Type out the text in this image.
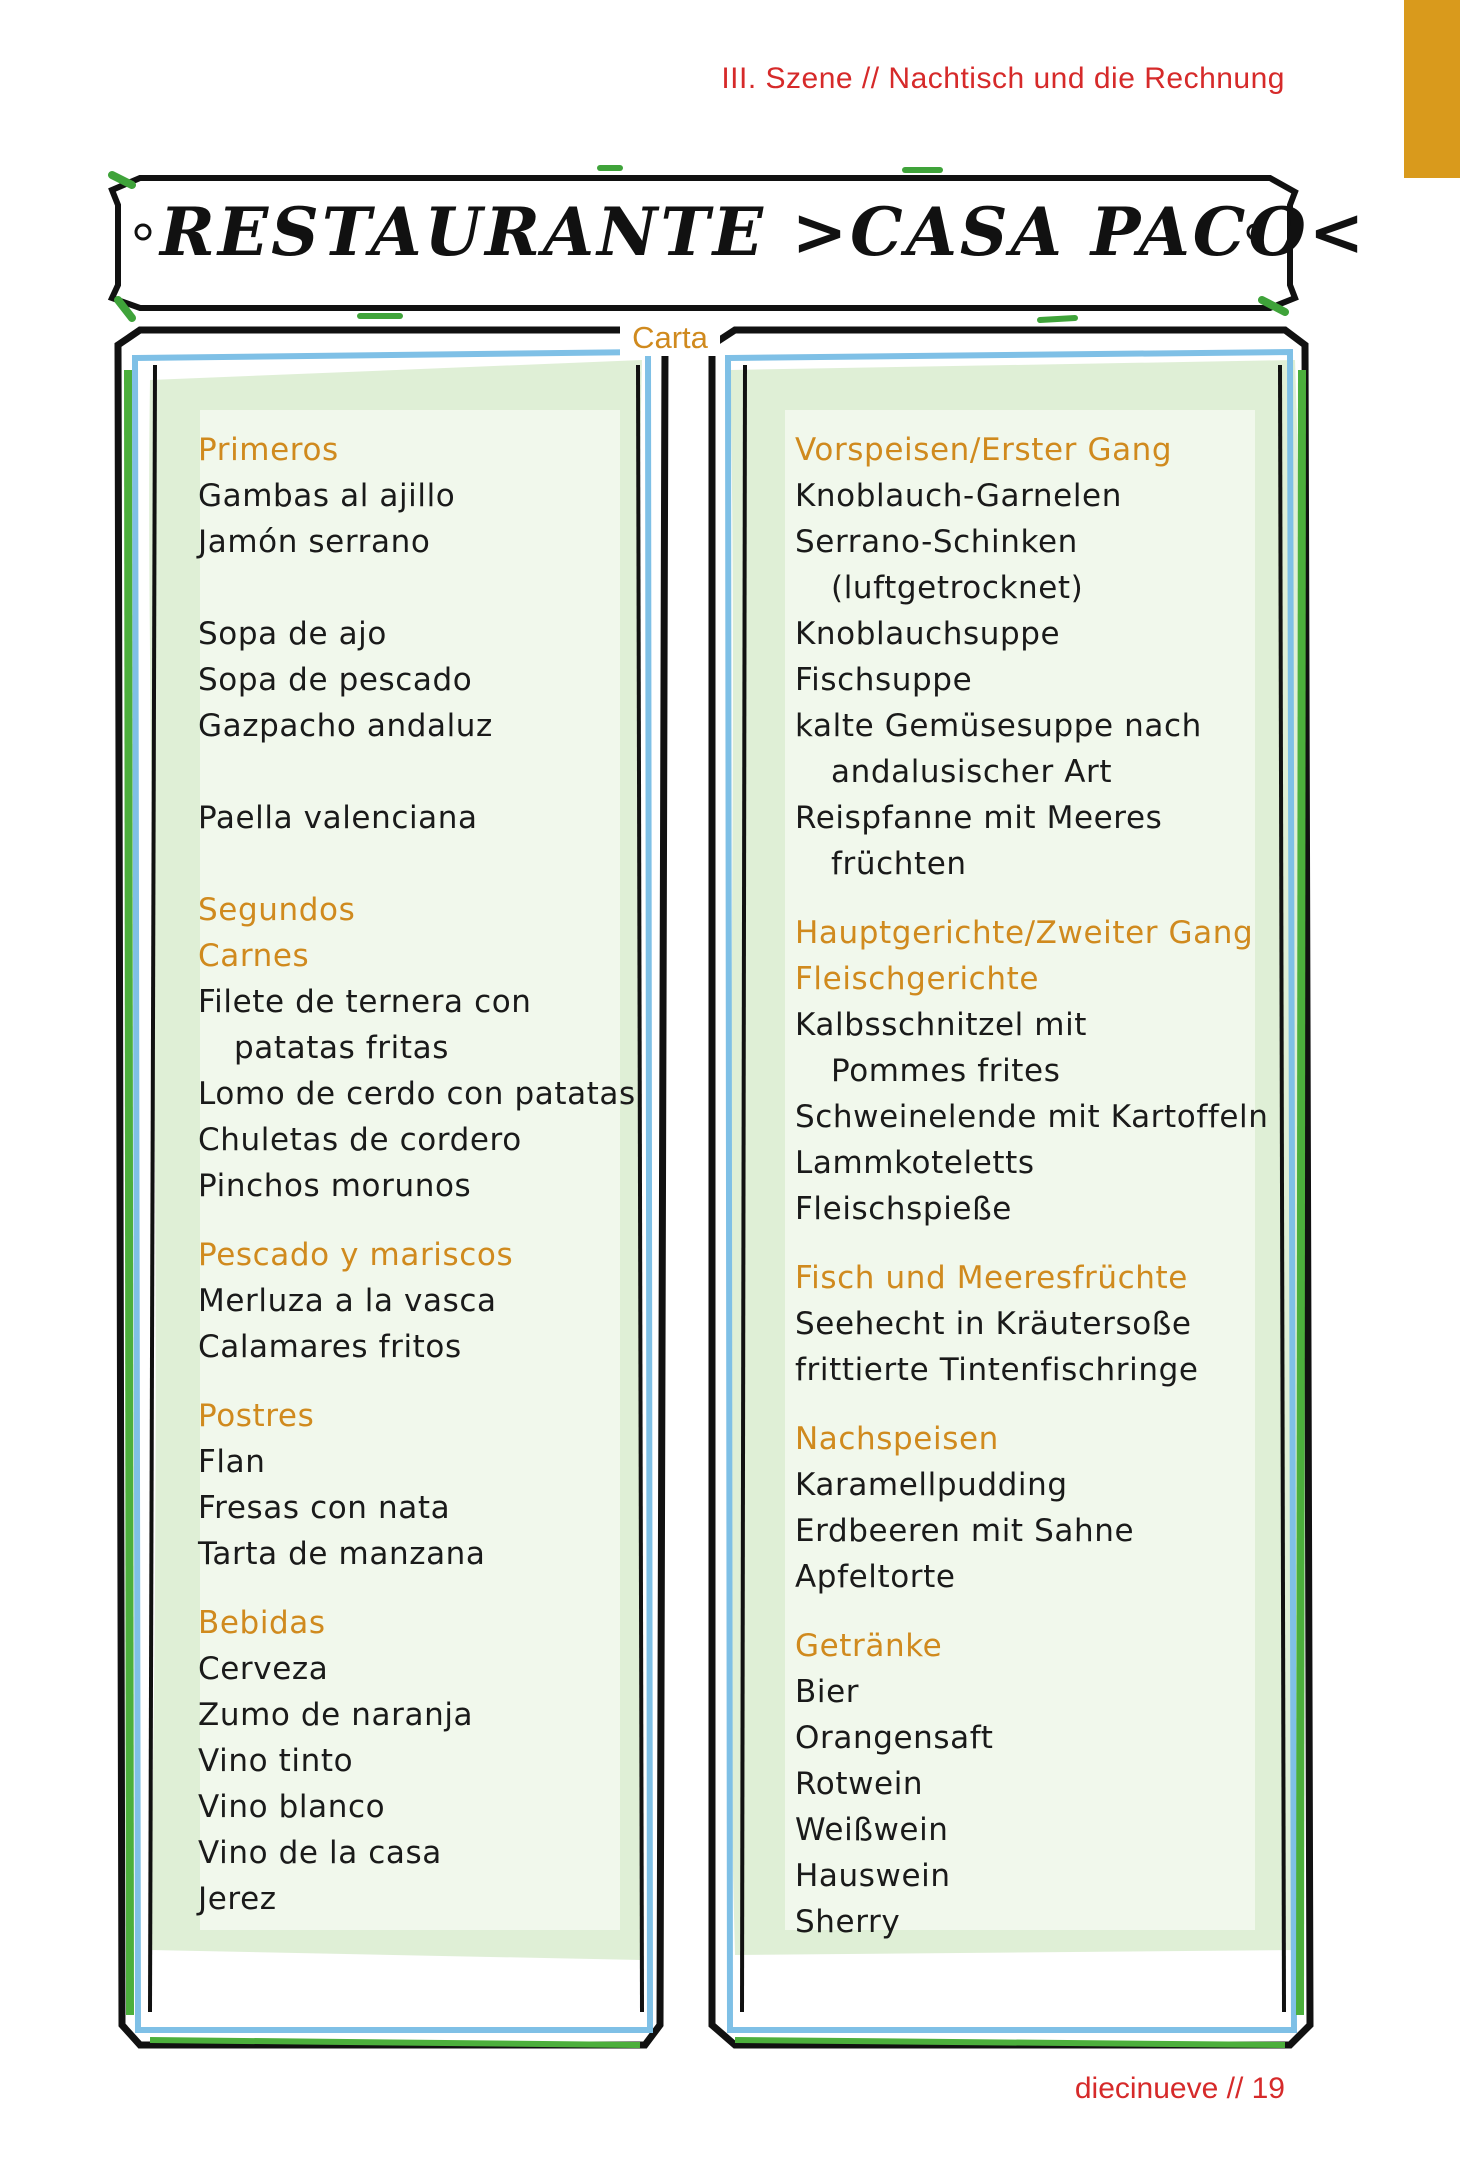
III. Szene // Nachtisch und die Rechnung
RESTAURANTE >CASA PACO<
Carta
Primeros
Gambas al ajillo
Jamón serrano
Sopa de ajo
Sopa de pescado
Gazpacho andaluz
Paella valenciana
Segundos
Carnes
Filete de ternera con
patatas fritas
Lomo de cerdo con patatas
Chuletas de cordero
Pinchos morunos
Pescado y mariscos
Merluza a la vasca
Calamares fritos
Postres
Flan
Fresas con nata
Tarta de manzana
Bebidas
Cerveza
Zumo de naranja
Vino tinto
Vino blanco
Vino de la casa
Jerez
Vorspeisen/Erster Gang
Knoblauch-Garnelen
Serrano-Schinken
(luftgetrocknet)
Knoblauchsuppe
Fischsuppe
kalte Gemüsesuppe nach
andalusischer Art
Reispfanne mit Meeres
früchten
Hauptgerichte/Zweiter Gang
Fleischgerichte
Kalbsschnitzel mit
Pommes frites
Schweinelende mit Kartoffeln
Lammkoteletts
Fleischspieße
Fisch und Meeresfrüchte
Seehecht in Kräutersoße
frittierte Tintenfischringe
Nachspeisen
Karamellpudding
Erdbeeren mit Sahne
Apfeltorte
Getränke
Bier
Orangensaft
Rotwein
Weißwein
Hauswein
Sherry
diecinueve // 19
